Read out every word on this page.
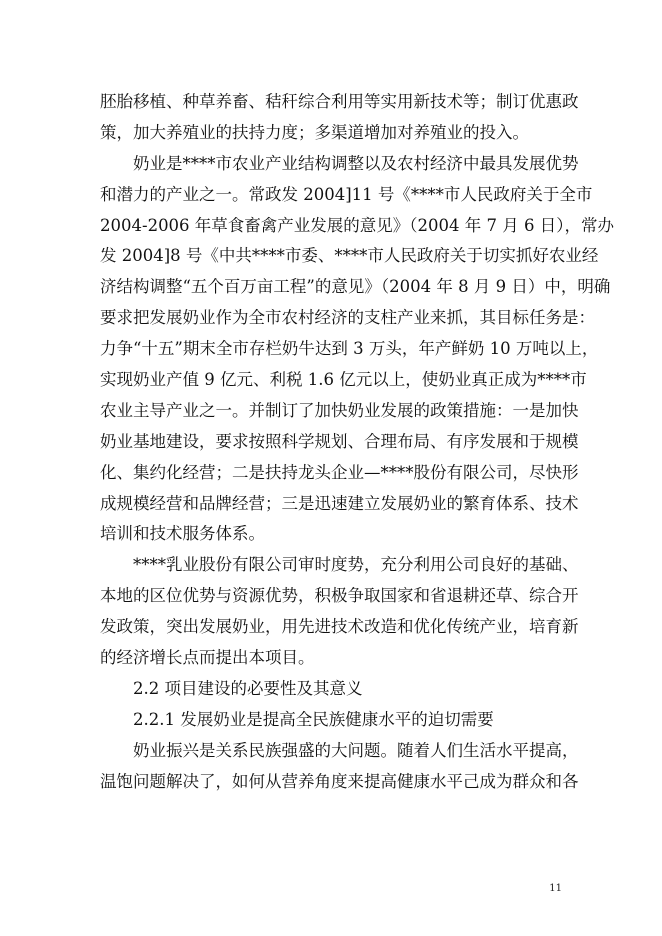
胚胎移植、种草养畜、秸秆综合利用等实用新技术等；制订优惠政
策，加大养殖业的扶持力度；多渠道增加对养殖业的投入。
奶业是****市农业产业结构调整以及农村经济中最具发展优势
和潜力的产业之一。常政发 2004]11 号《****市人民政府关于全市
2004-2006 年草食畜禽产业发展的意见》（2004 年 7 月 6 日），常办
发 2004]8 号《中共****市委、****市人民政府关于切实抓好农业经
济结构调整“五个百万亩工程”的意见》（2004 年 8 月 9 日）中，明确
要求把发展奶业作为全市农村经济的支柱产业来抓，其目标任务是：
力争“十五”期末全市存栏奶牛达到 3 万头，年产鲜奶 10 万吨以上，
实现奶业产值 9 亿元、利税 1.6 亿元以上，使奶业真正成为****市
农业主导产业之一。并制订了加快奶业发展的政策措施：一是加快
奶业基地建设，要求按照科学规划、合理布局、有序发展和于规模
化、集约化经营；二是扶持龙头企业—****股份有限公司，尽快形
成规模经营和品牌经营；三是迅速建立发展奶业的繁育体系、技术
培训和技术服务体系。
****乳业股份有限公司审时度势，充分利用公司良好的基础、
本地的区位优势与资源优势，积极争取国家和省退耕还草、综合开
发政策，突出发展奶业，用先进技术改造和优化传统产业，培育新
的经济增长点而提出本项目。
2.2 项目建设的必要性及其意义
2.2.1 发展奶业是提高全民族健康水平的迫切需要
奶业振兴是关系民族强盛的大问题。随着人们生活水平提高，
温饱问题解决了，如何从营养角度来提高健康水平己成为群众和各
11
